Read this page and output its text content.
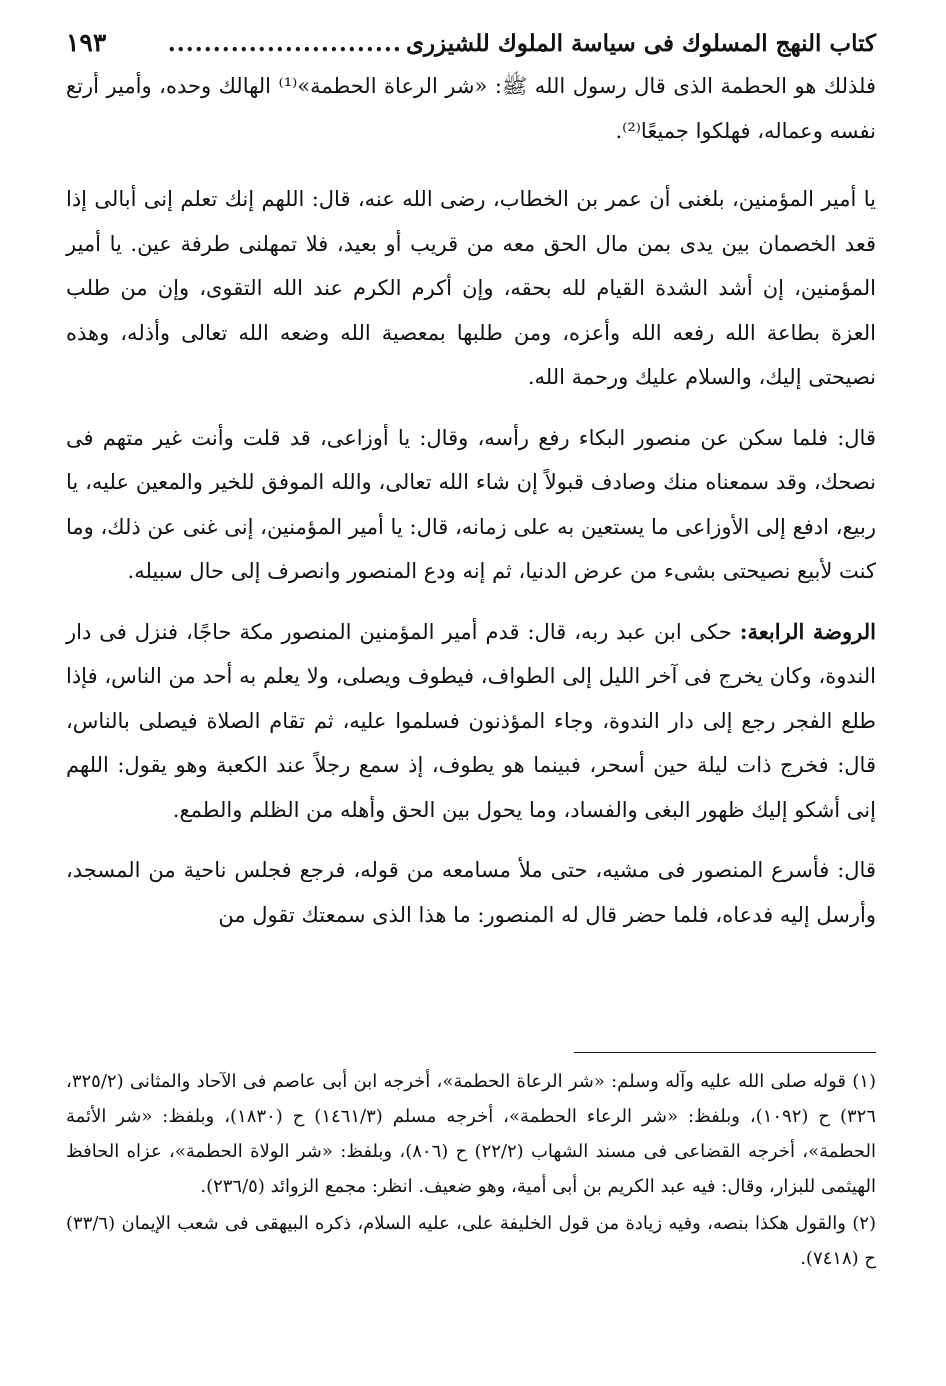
كتاب النهج المسلوك فى سياسة الملوك للشيزرى
..........................
١٩٣

فلذلك هو الحطمة الذى قال رسول الله ﷺ: «شر الرعاة الحطمة»⁽¹⁾ الهالك وحده، وأمير أرتع نفسه وعماله، فهلكوا جميعًا⁽²⁾.

يا أمير المؤمنين، بلغنى أن عمر بن الخطاب، رضى الله عنه، قال: اللهم إنك تعلم إنى أبالى إذا قعد الخصمان بين يدى بمن مال الحق معه من قريب أو بعيد، فلا تمهلنى طرفة عين. يا أمير المؤمنين، إن أشد الشدة القيام لله بحقه، وإن أكرم الكرم عند الله التقوى، وإن من طلب العزة بطاعة الله رفعه الله وأعزه، ومن طلبها بمعصية الله وضعه الله تعالى وأذله، وهذه نصيحتى إليك، والسلام عليك ورحمة الله.

قال: فلما سكن عن منصور البكاء رفع رأسه، وقال: يا أوزاعى، قد قلت وأنت غير متهم فى نصحك، وقد سمعناه منك وصادف قبولاً إن شاء الله تعالى، والله الموفق للخير والمعين عليه، يا ربيع، ادفع إلى الأوزاعى ما يستعين به على زمانه، قال: يا أمير المؤمنين، إنى غنى عن ذلك، وما كنت لأبيع نصيحتى بشىء من عرض الدنيا، ثم إنه ودع المنصور وانصرف إلى حال سبيله.

الروضة الرابعة: حكى ابن عبد ربه، قال: قدم أمير المؤمنين المنصور مكة حاجًا، فنزل فى دار الندوة، وكان يخرج فى آخر الليل إلى الطواف، فيطوف ويصلى، ولا يعلم به أحد من الناس، فإذا طلع الفجر رجع إلى دار الندوة، وجاء المؤذنون فسلموا عليه، ثم تقام الصلاة فيصلى بالناس، قال: فخرج ذات ليلة حين أسحر، فبينما هو يطوف، إذ سمع رجلاً عند الكعبة وهو يقول: اللهم إنى أشكو إليك ظهور البغى والفساد، وما يحول بين الحق وأهله من الظلم والطمع.

قال: فأسرع المنصور فى مشيه، حتى ملأ مسامعه من قوله، فرجع فجلس ناحية من المسجد، وأرسل إليه فدعاه، فلما حضر قال له المنصور: ما هذا الذى سمعتك تقول من

(١) قوله صلى الله عليه وآله وسلم: «شر الرعاة الحطمة»، أخرجه ابن أبى عاصم فى الآحاد والمثانى (٣٢٥/٢، ٣٢٦) ح (١٠٩٢)، وبلفظ: «شر الرعاء الحطمة»، أخرجه مسلم (١٤٦١/٣) ح (١٨٣٠)، وبلفظ: «شر الأئمة الحطمة»، أخرجه القضاعى فى مسند الشهاب (٢٢/٢) ح (٨٠٦)، وبلفظ: «شر الولاة الحطمة»، عزاه الحافظ الهيثمى للبزار، وقال: فيه عبد الكريم بن أبى أمية، وهو ضعيف. انظر: مجمع الزوائد (٢٣٦/٥).

(٢) والقول هكذا بنصه، وفيه زيادة من قول الخليفة على، عليه السلام، ذكره البيهقى فى شعب الإيمان (٣٣/٦) ح (٧٤١٨).
